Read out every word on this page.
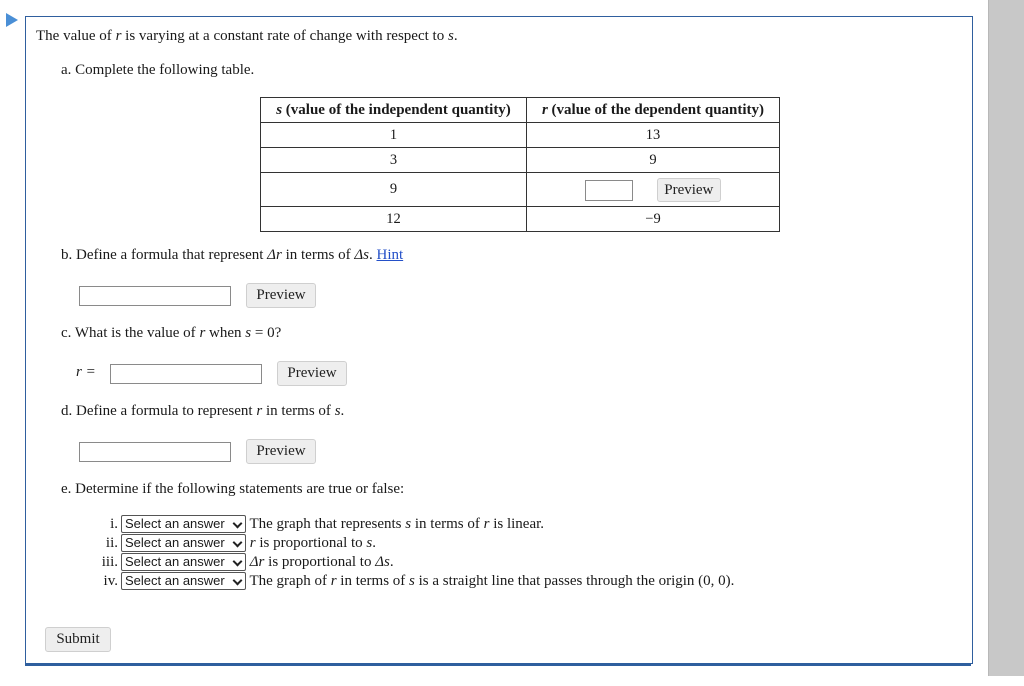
The value of r is varying at a constant rate of change with respect to s.
a. Complete the following table.
s (value of the independent quantity)	r (value of the dependent quantity)
1	13
3	9
9	Preview
12	−9
b. Define a formula that represent Δr in terms of Δs. Hint
Preview
c. What is the value of r when s = 0?
r =	Preview
d. Define a formula to represent r in terms of s.
Preview
e. Determine if the following statements are true or false:
i. Select an answer The graph that represents s in terms of r is linear.
ii. Select an answer r is proportional to s.
iii. Select an answer Δr is proportional to Δs.
iv. Select an answer The graph of r in terms of s is a straight line that passes through the origin (0, 0).
Submit
